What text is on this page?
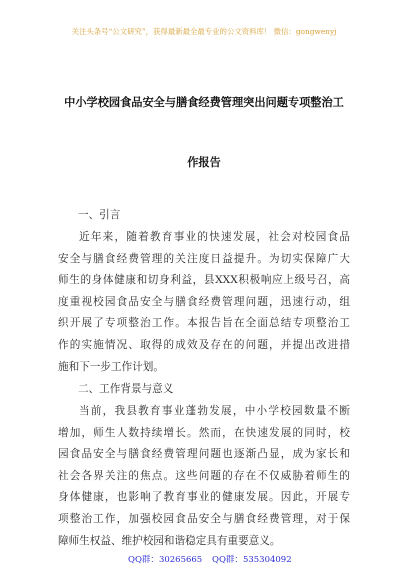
关注头条号“公文研究”，获得最新最全最专业的公文资料库！ 微信：gongwenyj
中小学校园食品安全与膳食经费管理突出问题专项整治工
作报告
一、引言
近年来，随着教育事业的快速发展，社会对校园食品
安全与膳食经费管理的关注度日益提升。为切实保障广大
师生的身体健康和切身利益，县XXX积极响应上级号召，高
度重视校园食品安全与膳食经费管理问题，迅速行动，组
织开展了专项整治工作。本报告旨在全面总结专项整治工
作的实施情况、取得的成效及存在的问题，并提出改进措
施和下一步工作计划。
二、工作背景与意义
当前，我县教育事业蓬勃发展，中小学校园数量不断
增加，师生人数持续增长。然而，在快速发展的同时，校
园食品安全与膳食经费管理问题也逐渐凸显，成为家长和
社会各界关注的焦点。这些问题的存在不仅威胁着师生的
身体健康，也影响了教育事业的健康发展。因此，开展专
项整治工作，加强校园食品安全与膳食经费管理，对于保
障师生权益、维护校园和谐稳定具有重要意义。
QQ群：30265665 QQ群：535304092
